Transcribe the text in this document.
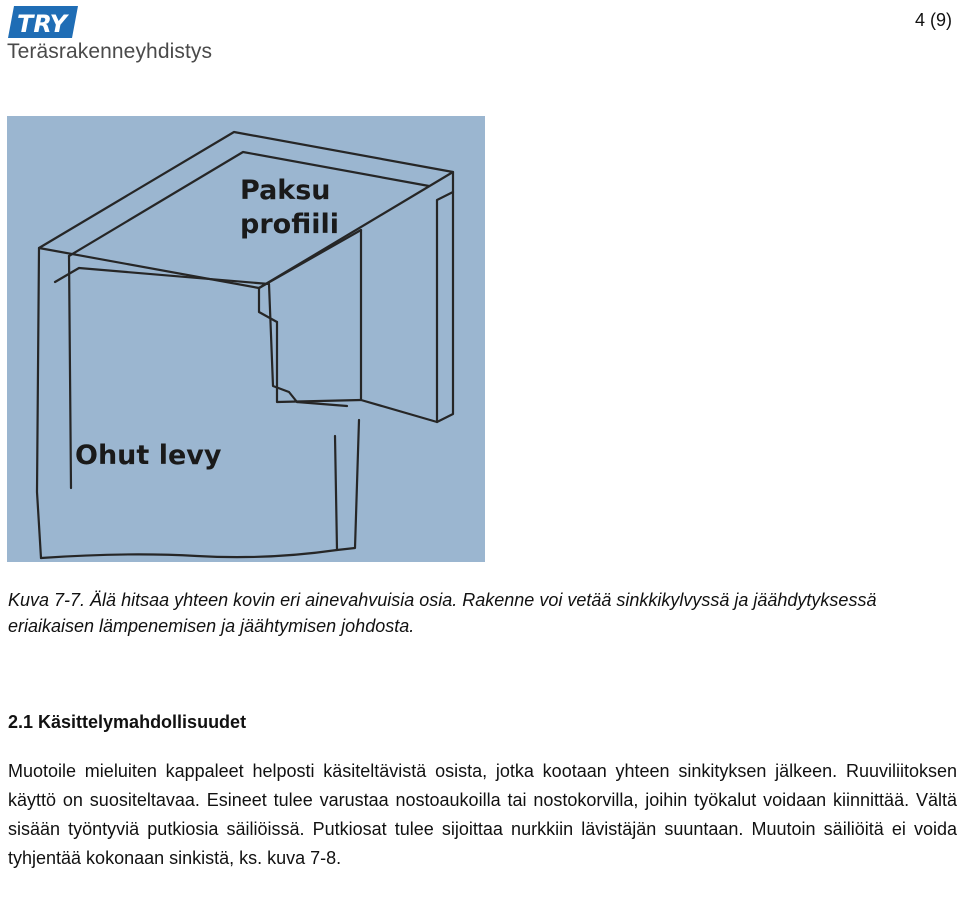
TRY
Teräsrakenneyhdistys
4 (9)
Paksu
profiili
Ohut levy
Kuva 7-7. Älä hitsaa yhteen kovin eri ainevahvuisia osia. Rakenne voi vetää sinkkikylvyssä ja jäähdytyksessä eriaikaisen lämpenemisen ja jäähtymisen johdosta.
2.1 Käsittelymahdollisuudet
Muotoile mieluiten kappaleet helposti käsiteltävistä osista, jotka kootaan yhteen sinkityksen jälkeen. Ruuviliitoksen käyttö on suositeltavaa. Esineet tulee varustaa nostoaukoilla tai nostokorvilla, joihin työkalut voidaan kiinnittää. Vältä sisään työntyviä putkiosia säiliöissä. Putkiosat tulee sijoittaa nurkkiin lävistäjän suuntaan. Muutoin säiliöitä ei voida tyhjentää kokonaan sinkistä, ks. kuva 7-8.
